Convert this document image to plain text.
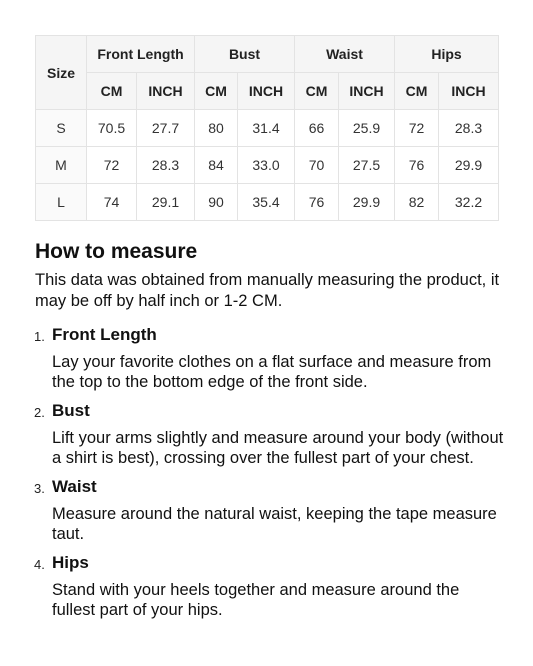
Size	Front Length		Bust		Waist		Hips	
	CM	INCH	CM	INCH	CM	INCH	CM	INCH
S	70.5	27.7	80	31.4	66	25.9	72	28.3
M	72	28.3	84	33.0	70	27.5	76	29.9
L	74	29.1	90	35.4	76	29.9	82	32.2
How to measure

This data was obtained from manually measuring the product, it may be off by half inch or 1-2 CM.

1. Front Length
Lay your favorite clothes on a flat surface and measure from the top to the bottom edge of the front side.
2. Bust
Lift your arms slightly and measure around your body (without a shirt is best), crossing over the fullest part of your chest.
3. Waist
Measure around the natural waist, keeping the tape measure taut.
4. Hips
Stand with your heels together and measure around the fullest part of your hips.
